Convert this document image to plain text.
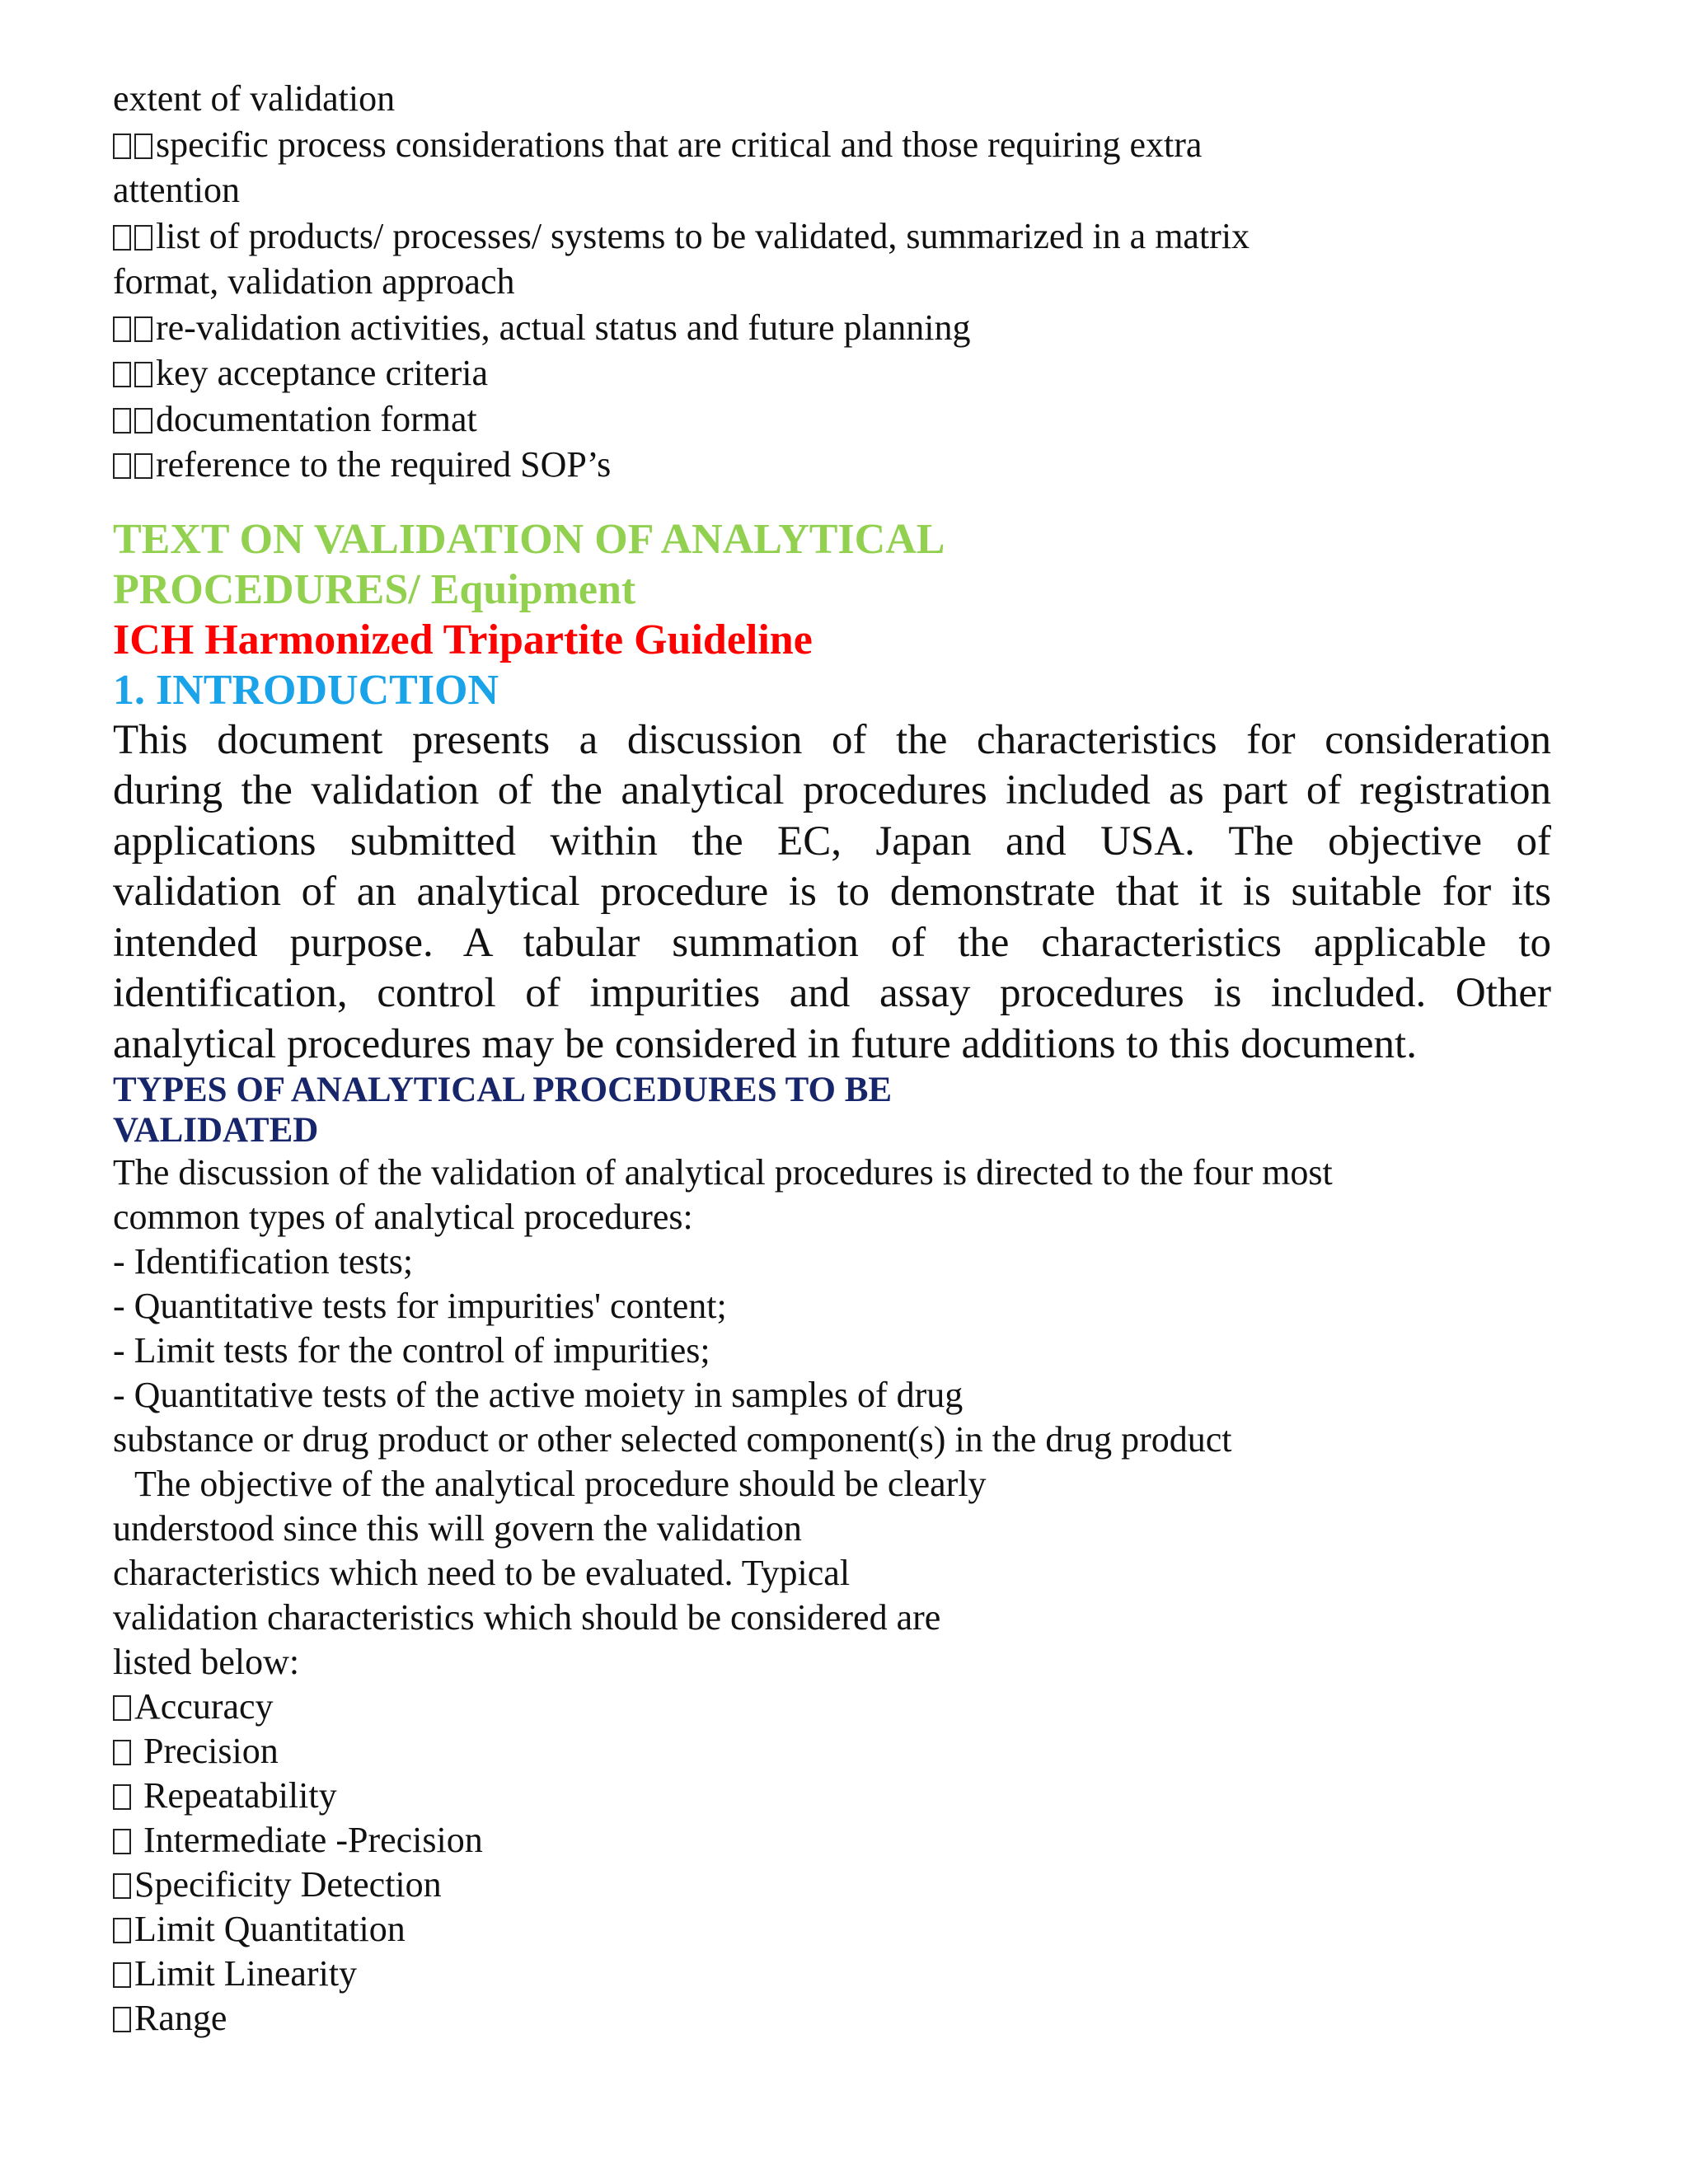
extent of validation
specific process considerations that are critical and those requiring extra
attention
list of products/ processes/ systems to be validated, summarized in a matrix
format, validation approach
re-validation activities, actual status and future planning
key acceptance criteria
documentation format
reference to the required SOP’s
TEXT ON VALIDATION OF ANALYTICAL
PROCEDURES/ Equipment
ICH Harmonized Tripartite Guideline
1. INTRODUCTION
This document presents a discussion of the characteristics for consideration
during the validation of the analytical procedures included as part of registration
applications submitted within the EC, Japan and USA. The objective of
validation of an analytical procedure is to demonstrate that it is suitable for its
intended purpose. A tabular summation of the characteristics applicable to
identification, control of impurities and assay procedures is included. Other
analytical procedures may be considered in future additions to this document.
TYPES OF ANALYTICAL PROCEDURES TO BE
VALIDATED
The discussion of the validation of analytical procedures is directed to the four most
common types of analytical procedures:
- Identification tests;
- Quantitative tests for impurities' content;
- Limit tests for the control of impurities;
- Quantitative tests of the active moiety in samples of drug
substance or drug product or other selected component(s) in the drug product
The objective of the analytical procedure should be clearly
understood since this will govern the validation
characteristics which need to be evaluated. Typical
validation characteristics which should be considered are
listed below:
Accuracy
Precision
Repeatability
Intermediate -Precision
Specificity Detection
Limit Quantitation
Limit Linearity
Range
